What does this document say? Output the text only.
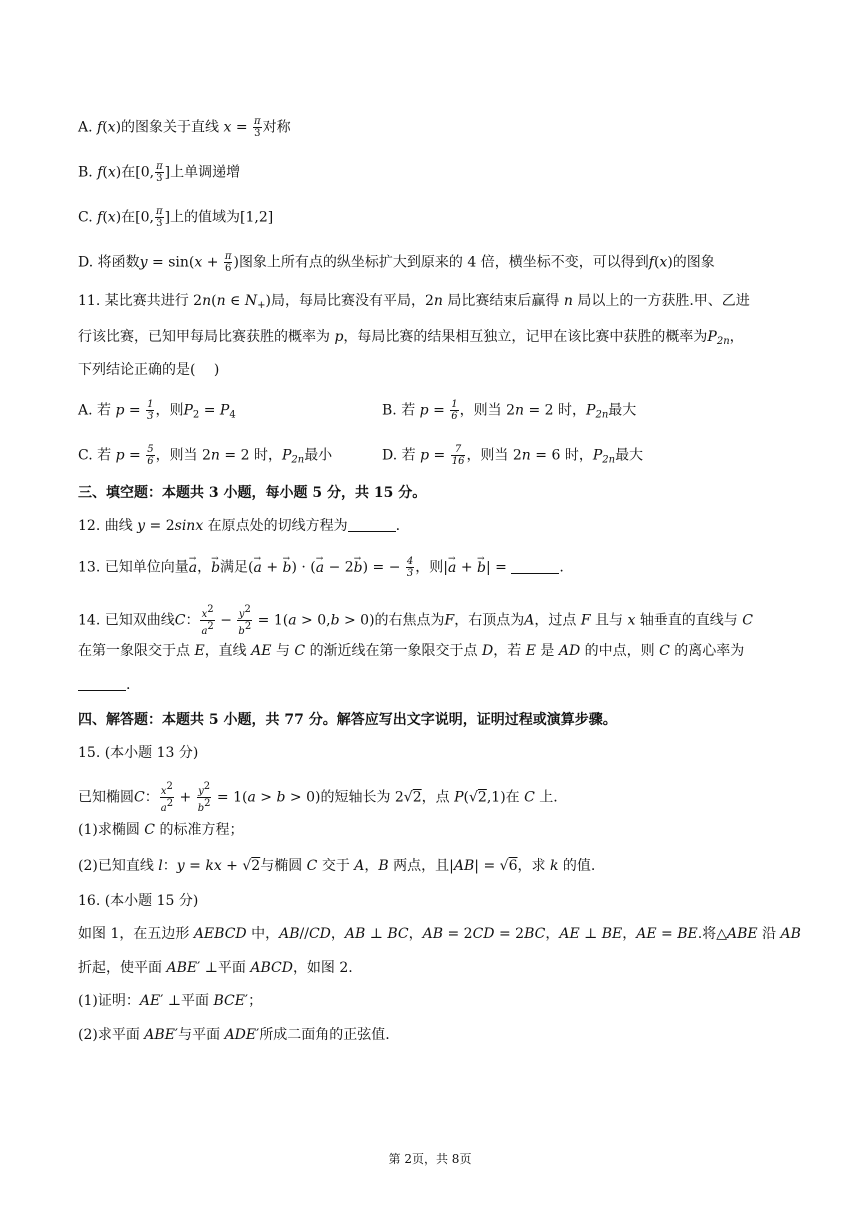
A. f(x)的图象关于直线 $x = \frac{\pi}{3}$ 对称
B. f(x)在[0, $\frac{\pi}{3}$ ]上单调递增
C. f(x)在[0, $\frac{\pi}{3}$ ]上的值域为[1,2]
D. 将函数$y = \sin(x + \frac{\pi}{6}$ )图象上所有点的纵坐标扩大到原来的 4 倍，横坐标不变，可以得到f(x)的图象
11. 某比赛共进行 2n(n ∈ $N_+$)局，每局比赛没有平局，2n 局比赛结束后赢得 n 局以上的一方获胜.甲、乙进
行该比赛，已知甲每局比赛获胜的概率为 p，每局比赛的结果相互独立，记甲在该比赛中获胜的概率为$P_{2n}$，
下列结论正确的是(　 )
A. 若 $p = \frac{1}{3}$ ，则$P_2 = P_4$	B. 若 $p = \frac{1}{6}$ ，则当 2n = 2 时，$P_{2n}$最大
C. 若 $p = \frac{5}{6}$ ，则当 2n = 2 时，$P_{2n}$最小	D. 若 $p = \frac{7}{16}$ ，则当 2n = 6 时，$P_{2n}$最大
三、填空题：本题共 3 小题，每小题 5 分，共 15 分。
12. 曲线 y = 2sinx 在原点处的切线方程为	.
13. 已知单位向量→ a，→ b满足(→ a + → b) · (→ a − 2→ b) = − $\frac{4}{3}$ ，则|→ a + → b| =	.
14. 已知双曲线C： $\frac{x2}{a2} - \frac{y2}{b2} = 1(a > 0,b > 0)$的右焦点为F，右顶点为A，过点 F 且与 x 轴垂直的直线与 C
在第一象限交于点 E，直线 AE 与 C 的渐近线在第一象限交于点 D，若 E 是 AD 的中点，则 C 的离心率为
.
四、解答题：本题共 5 小题，共 77 分。解答应写出文字说明，证明过程或演算步骤。
15. (本小题 13 分)
已知椭圆C： $\frac{x2}{a2} + \frac{y2}{b2} = 1(a > b > 0)$的短轴长为 2√2，点 P(√2,1)在 C 上.
(1)求椭圆 C 的标准方程；
(2)已知直线 l：y = kx + √2与椭圆 C 交于 A，B 两点，且|AB| = √6，求 k 的值.
16. (本小题 15 分)
如图 1，在五边形 AEBCD 中，AB//CD，AB ⊥ BC，AB = 2CD = 2BC，AE ⊥ BE，AE = BE.将△ABE 沿 AB
折起，使平面 ABE′ ⊥平面 ABCD，如图 2.
(1)证明：AE′ ⊥平面 BCE′；
(2)求平面 ABE′与平面 ADE′所成二面角的正弦值.
第 2页，共 8页
